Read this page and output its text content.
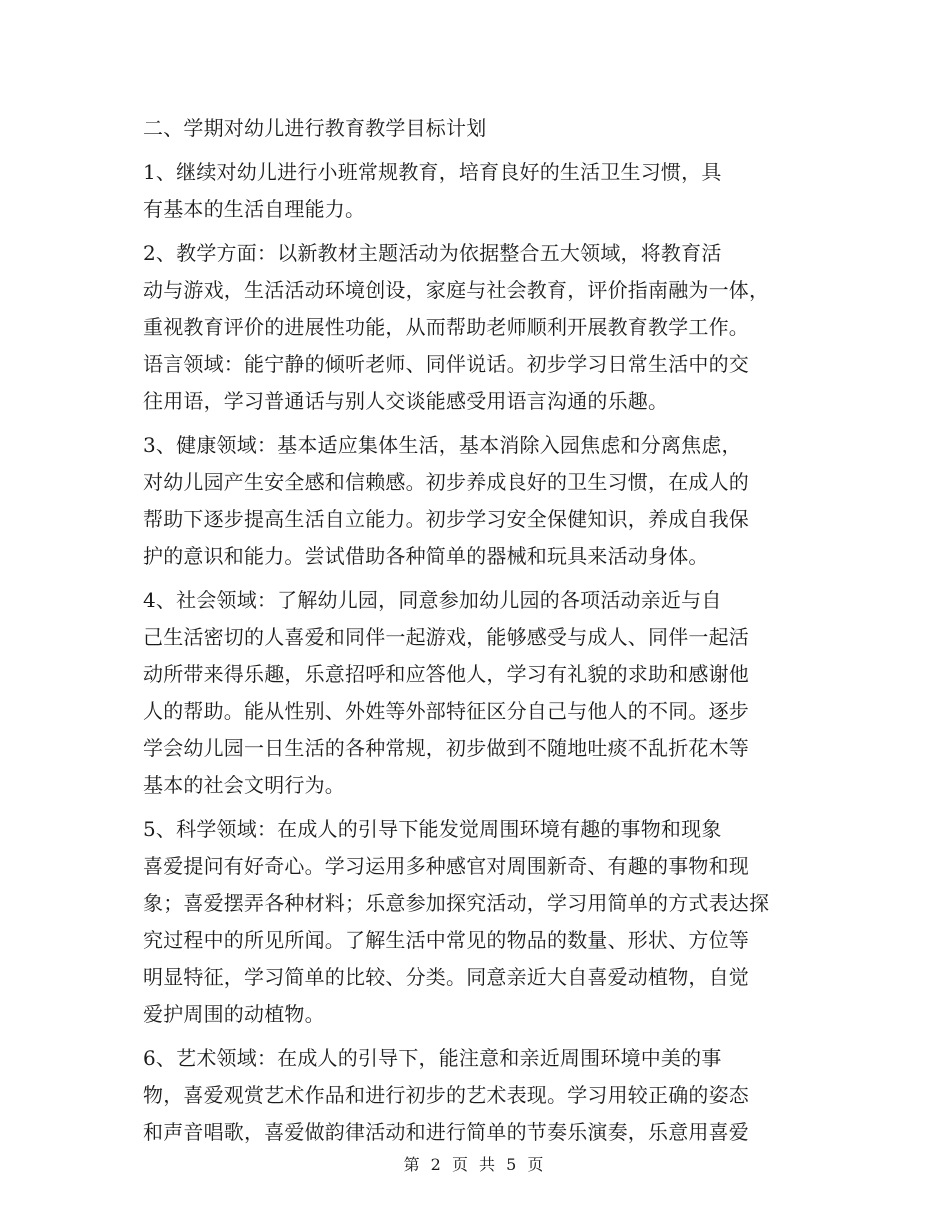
二、学期对幼儿进行教育教学目标计划
1、继续对幼儿进行小班常规教育，培育良好的生活卫生习惯，具
有基本的生活自理能力。
2、教学方面：以新教材主题活动为依据整合五大领域，将教育活
动与游戏，生活活动环境创设，家庭与社会教育，评价指南融为一体，
重视教育评价的进展性功能，从而帮助老师顺利开展教育教学工作。
语言领域：能宁静的倾听老师、同伴说话。初步学习日常生活中的交
往用语，学习普通话与别人交谈能感受用语言沟通的乐趣。
3、健康领域：基本适应集体生活，基本消除入园焦虑和分离焦虑，
对幼儿园产生安全感和信赖感。初步养成良好的卫生习惯，在成人的
帮助下逐步提高生活自立能力。初步学习安全保健知识，养成自我保
护的意识和能力。尝试借助各种简单的器械和玩具来活动身体。
4、社会领域：了解幼儿园，同意参加幼儿园的各项活动亲近与自
己生活密切的人喜爱和同伴一起游戏，能够感受与成人、同伴一起活
动所带来得乐趣，乐意招呼和应答他人，学习有礼貌的求助和感谢他
人的帮助。能从性别、外姓等外部特征区分自己与他人的不同。逐步
学会幼儿园一日生活的各种常规，初步做到不随地吐痰不乱折花木等
基本的社会文明行为。
5、科学领域：在成人的引导下能发觉周围环境有趣的事物和现象
喜爱提问有好奇心。学习运用多种感官对周围新奇、有趣的事物和现
象；喜爱摆弄各种材料；乐意参加探究活动，学习用简单的方式表达探
究过程中的所见所闻。了解生活中常见的物品的数量、形状、方位等
明显特征，学习简单的比较、分类。同意亲近大自喜爱动植物，自觉
爱护周围的动植物。
6、艺术领域：在成人的引导下，能注意和亲近周围环境中美的事
物，喜爱观赏艺术作品和进行初步的艺术表现。学习用较正确的姿态
和声音唱歌，喜爱做韵律活动和进行简单的节奏乐演奏，乐意用喜爱
第 2 页 共 5 页
